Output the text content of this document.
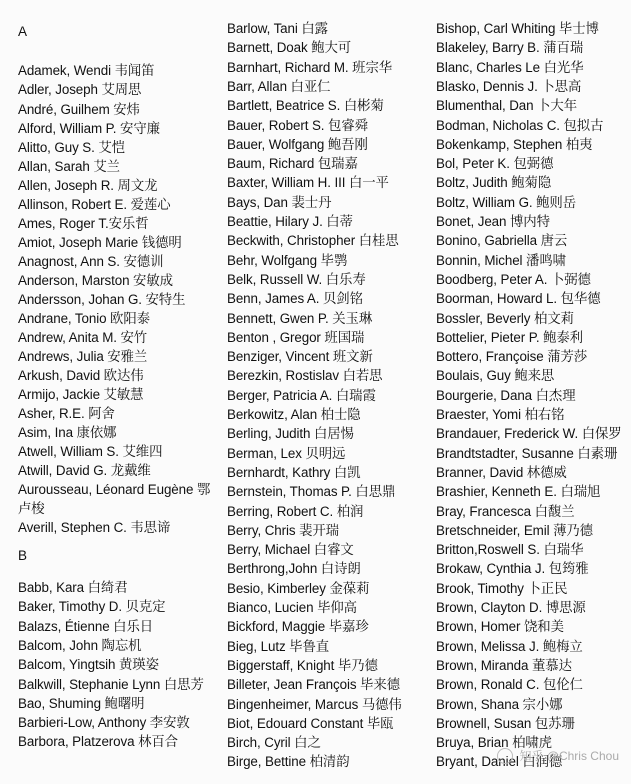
A
B
Adamek, Wendi 韦闻笛
Adler, Joseph 艾周思
André, Guilhem 安炜
Alford, William P. 安守廉
Alitto, Guy S. 艾恺
Allan, Sarah 艾兰
Allen, Joseph R. 周文龙
Allinson, Robert E. 爱莲心
Ames, Roger T.安乐哲
Amiot, Joseph Marie 钱德明
Anagnost, Ann S. 安德训
Anderson, Marston 安敏成
Andersson, Johan G. 安特生
Andrane, Tonio 欧阳泰
Andrew, Anita M. 安竹
Andrews, Julia 安雅兰
Arkush, David 欧达伟
Armijo, Jackie 艾敏慧
Asher, R.E. 阿舍
Asim, Ina 康依娜
Atwell, William S. 艾维四
Atwill, David G. 龙戴维
Aurousseau, Léonard Eugène 鄂卢梭
Averill, Stephen C. 韦思谛
Babb, Kara 白绮君
Baker, Timothy D. 贝克定
Balazs, Étienne 白乐日
Balcom, John 陶忘机
Balcom, Yingtsih 黄瑛姿
Balkwill, Stephanie Lynn 白思芳
Bao, Shuming 鲍曙明
Barbieri-Low, Anthony 李安敦
Barbora, Platzerova 林百合
Barlow, Tani 白露
Barnett, Doak 鲍大可
Barnhart, Richard M. 班宗华
Barr, Allan 白亚仁
Bartlett, Beatrice S. 白彬菊
Bauer, Robert S. 包睿舜
Bauer, Wolfgang 鲍吾刚
Baum, Richard 包瑞嘉
Baxter, William H. III 白一平
Bays, Dan 裴士丹
Beattie, Hilary J. 白蒂
Beckwith, Christopher 白桂思
Behr, Wolfgang 毕鹗
Belk, Russell W. 白乐寿
Benn, James A. 贝剑铭
Bennett, Gwen P. 关玉琳
Benton , Gregor 班国瑞
Benziger, Vincent 班文新
Berezkin, Rostislav 白若思
Berger, Patricia A. 白瑞霞
Berkowitz, Alan 柏士隐
Berling, Judith 白居惕
Berman, Lex 贝明远
Bernhardt, Kathry 白凯
Bernstein, Thomas P. 白思鼎
Berring, Robert C. 柏润
Berry, Chris 裴开瑞
Berry, Michael 白睿文
Berthrong,John 白诗朗
Besio, Kimberley 金葆莉
Bianco, Lucien 毕仰高
Bickford, Maggie 毕嘉珍
Bieg, Lutz 毕鲁直
Biggerstaff, Knight 毕乃德
Billeter, Jean François 毕来德
Bingenheimer, Marcus 马德伟
Biot, Edouard Constant 毕瓯
Birch, Cyril 白之
Birge, Bettine 柏清韵
Bishop, Carl Whiting 毕士博
Blakeley, Barry B. 蒲百瑞
Blanc, Charles Le 白光华
Blasko, Dennis J. 卜思高
Blumenthal, Dan 卜大年
Bodman, Nicholas C. 包拟古
Bokenkamp, Stephen 柏夷
Bol, Peter K. 包弼德
Boltz, Judith 鲍菊隐
Boltz, William G. 鲍则岳
Bonet, Jean 博内特
Bonino, Gabriella 唐云
Bonnin, Michel 潘鸣啸
Boodberg, Peter A. 卜弼德
Boorman, Howard L. 包华德
Bossler, Beverly 柏文莉
Bottelier, Pieter P. 鲍泰利
Bottero, Françoise 蒲芳莎
Boulais, Guy 鲍来思
Bourgerie, Dana 白杰理
Braester, Yomi 柏右铭
Brandauer, Frederick W. 白保罗
Brandtstadter, Susanne 白素珊
Branner, David 林德威
Brashier, Kenneth E. 白瑞旭
Bray, Francesca 白馥兰
Bretschneider, Emil 薄乃德
Britton,Roswell S. 白瑞华
Brokaw, Cynthia J. 包筠雅
Brook, Timothy 卜正民
Brown, Clayton D. 博思源
Brown, Homer 饶和美
Brown, Melissa J. 鲍梅立
Brown, Miranda 董慕达
Brown, Ronald C. 包伦仁
Brown, Shana 宗小娜
Brownell, Susan 包苏珊
Bruya, Brian 柏啸虎
Bryant, Daniel 白润德
知乎 @Chris Chou
